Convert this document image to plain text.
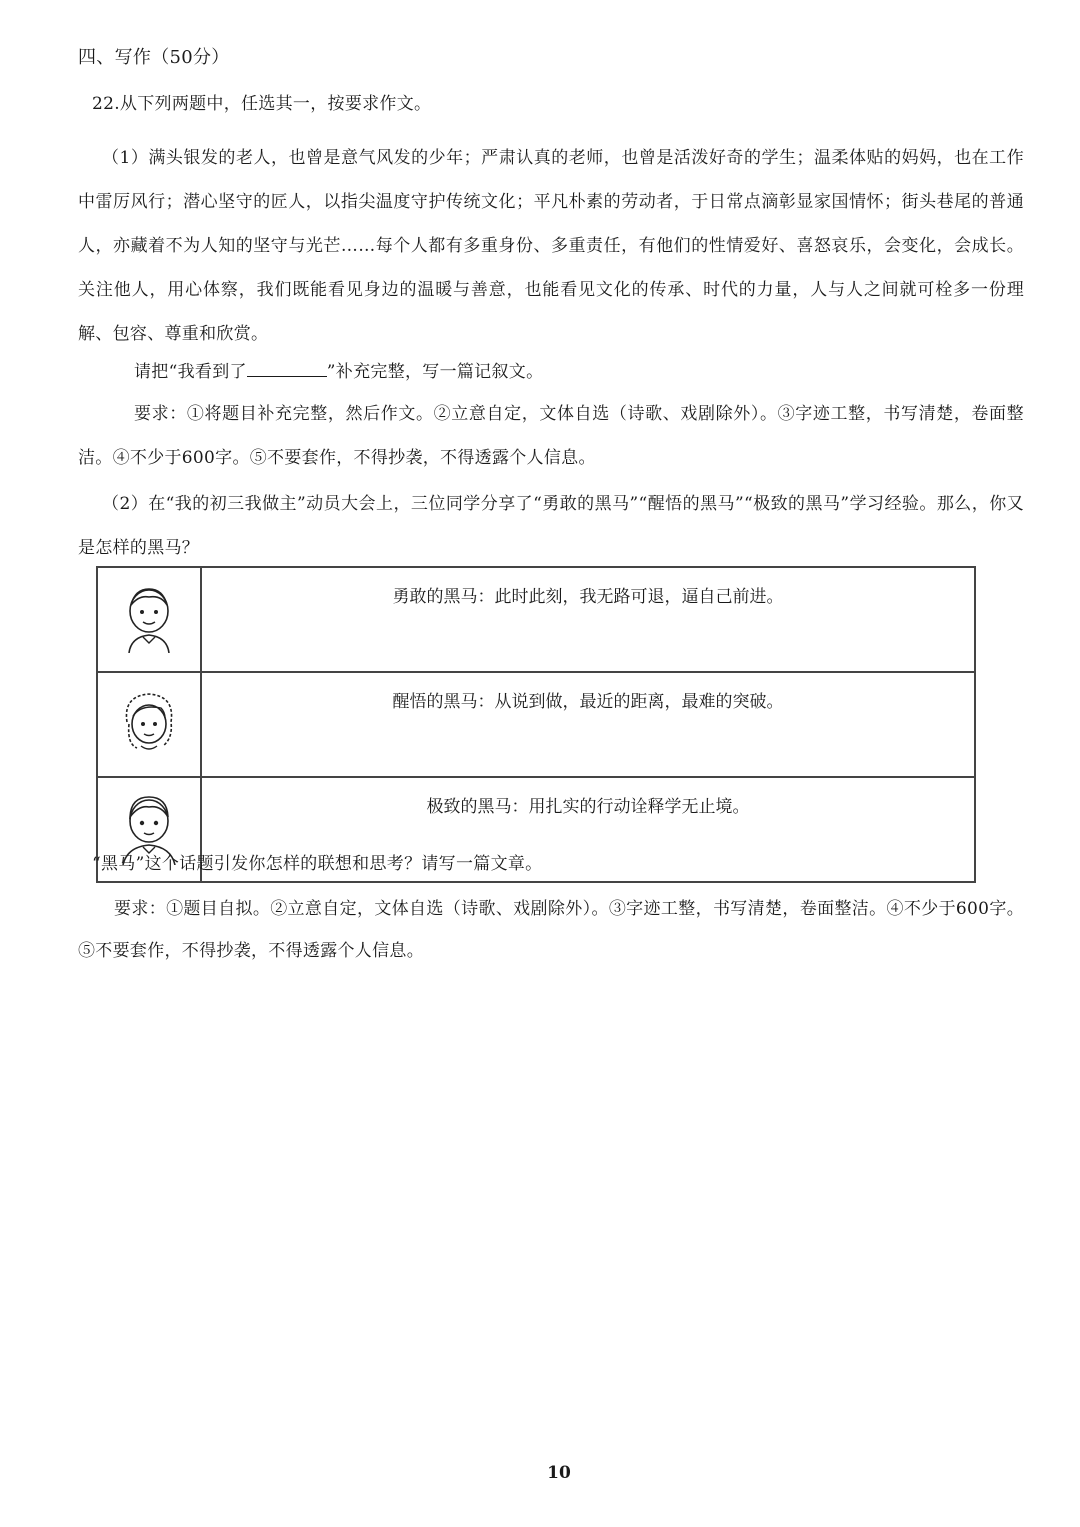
四、写作（50分）
22.从下列两题中，任选其一，按要求作文。
（1）满头银发的老人，也曾是意气风发的少年；严肃认真的老师，也曾是活泼好奇的学生；温柔体贴的妈妈，也在工作中雷厉风行；潜心坚守的匠人，以指尖温度守护传统文化；平凡朴素的劳动者，于日常点滴彰显家国情怀；街头巷尾的普通人，亦藏着不为人知的坚守与光芒……每个人都有多重身份、多重责任，有他们的性情爱好、喜怒哀乐，会变化，会成长。关注他人，用心体察，我们既能看见身边的温暖与善意，也能看见文化的传承、时代的力量，人与人之间就可栓多一份理解、包容、尊重和欣赏。
请把“我看到了	”补充完整，写一篇记叙文。
要求：①将题目补充完整，然后作文。②立意自定，文体自选（诗歌、戏剧除外）。③字迹工整，书写清楚，卷面整洁。④不少于600字。⑤不要套作，不得抄袭，不得透露个人信息。
（2）在“我的初三我做主”动员大会上，三位同学分享了“勇敢的黑马”“醒悟的黑马”“极致的黑马”学习经验。那么，你又是怎样的黑马？
	勇敢的黑马：此时此刻，我无路可退，逼自己前进。
	醒悟的黑马：从说到做，最近的距离，最难的突破。
	极致的黑马：用扎实的行动诠释学无止境。
“黑马”这个话题引发你怎样的联想和思考？请写一篇文章。
要求：①题目自拟。②立意自定，文体自选（诗歌、戏剧除外）。③字迹工整，书写清楚，卷面整洁。④不少于600字。⑤不要套作，不得抄袭，不得透露个人信息。
10
